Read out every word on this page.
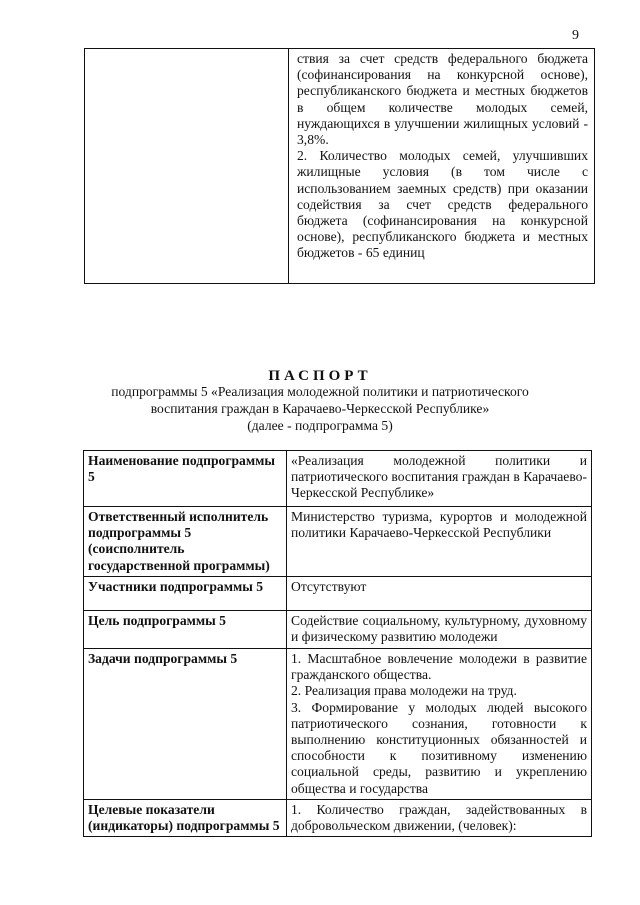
9
ствия за счет средств федерального бюджета (софинансирования на конкурсной основе), республиканского бюджета и местных бюджетов в общем количестве молодых семей, нуждающихся в улучшении жилищных условий - 3,8%.
2. Количество молодых семей, улучшивших жилищные условия (в том числе с использованием заемных средств) при оказании содействия за счет средств федерального бюджета (софинансирования на конкурсной основе), республиканского бюджета и местных бюджетов - 65 единиц
ПАСПОРТ
подпрограммы 5 «Реализация молодежной политики и патриотического
воспитания граждан в Карачаево-Черкесской Республике»
(далее - подпрограмма 5)
Наименование подпрограммы 5	«Реализация молодежной политики и патриотического воспитания граждан в Карачаево-Черкесской Республике»
Ответственный исполнитель подпрограммы 5 (соисполнитель государственной программы)	Министерство туризма, курортов и молодежной политики Карачаево-Черкесской Республики
Участники подпрограммы 5	Отсутствуют
Цель подпрограммы 5	Содействие социальному, культурному, духовному и физическому развитию молодежи
Задачи подпрограммы 5	1. Масштабное вовлечение молодежи в развитие гражданского общества.

2. Реализация права молодежи на труд.

3. Формирование у молодых людей высокого патриотического сознания, готовности к выполнению конституционных обязанностей и способности к позитивному изменению социальной среды, развитию и укреплению общества и государства

Целевые показатели (индикаторы) подпрограммы 5	1. Количество граждан, задействованных в добровольческом движении, (человек):
